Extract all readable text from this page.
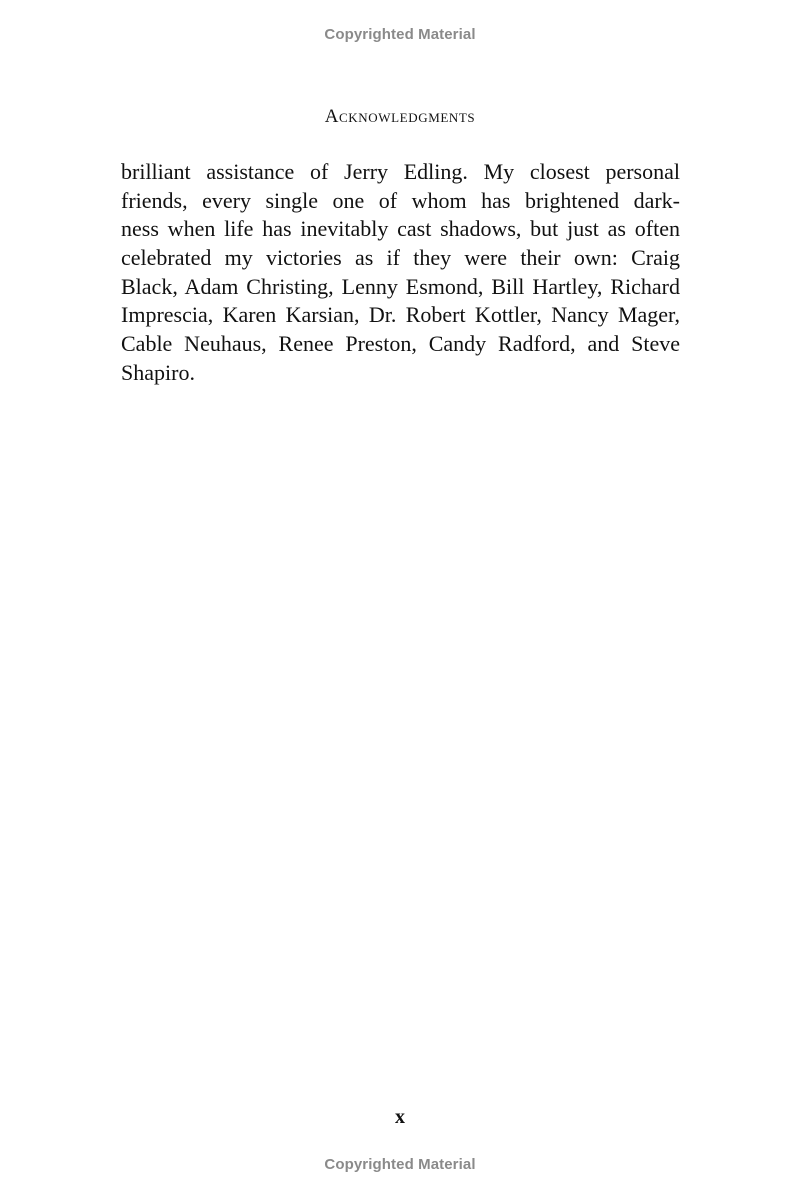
Copyrighted Material
Acknowledgments
brilliant assistance of Jerry Edling. My closest personal
friends, every single one of whom has brightened dark-
ness when life has inevitably cast shadows, but just as often
celebrated my victories as if they were their own: Craig
Black, Adam Christing, Lenny Esmond, Bill Hartley, Richard
Imprescia, Karen Karsian, Dr. Robert Kottler, Nancy Mager,
Cable Neuhaus, Renee Preston, Candy Radford, and Steve
Shapiro.
x
Copyrighted Material
